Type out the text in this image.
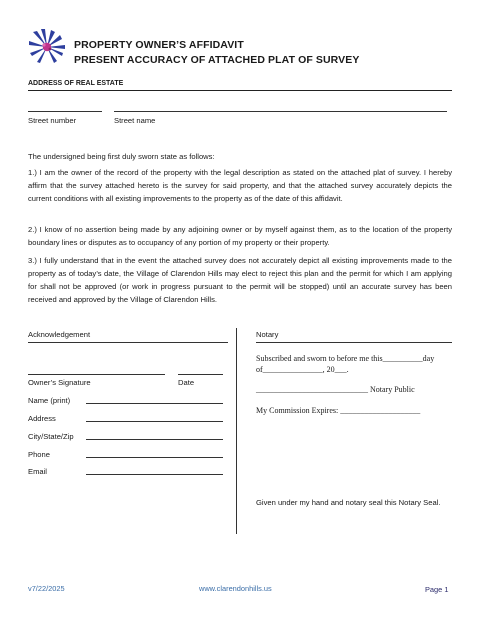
PROPERTY OWNER’S AFFIDAVIT
PRESENT ACCURACY OF ATTACHED PLAT OF SURVEY
ADDRESS OF REAL ESTATE
Street number	Street name
The undersigned being first duly sworn state as follows:
1.) I am the owner of the record of the property with the legal description as stated on the attached plat of survey. I hereby affirm that the survey attached hereto is the survey for said property, and that the attached survey accurately depicts the current conditions with all existing improvements to the property as of the date of this affidavit.
2.) I know of no assertion being made by any adjoining owner or by myself against them, as to the location of the property boundary lines or disputes as to occupancy of any portion of my property or their property.
3.) I fully understand that in the event the attached survey does not accurately depict all existing improvements made to the property as of today’s date, the Village of Clarendon Hills may elect to reject this plan and the permit for which I am applying for shall not be approved (or work in progress pursuant to the permit will be stopped) until an accurate survey has been received and approved by the Village of Clarendon Hills.
Acknowledgement
Owner’s Signature	Date
Name (print)
Address
City/State/Zip
Phone
Email
Notary
Subscribed and sworn to before me this__________day
of_______________, 20___.
____________________________ Notary Public
My Commission Expires: ____________________
Given under my hand and notary seal this Notary Seal.
v7/22/2025	www.clarendonhills.us	Page 1
